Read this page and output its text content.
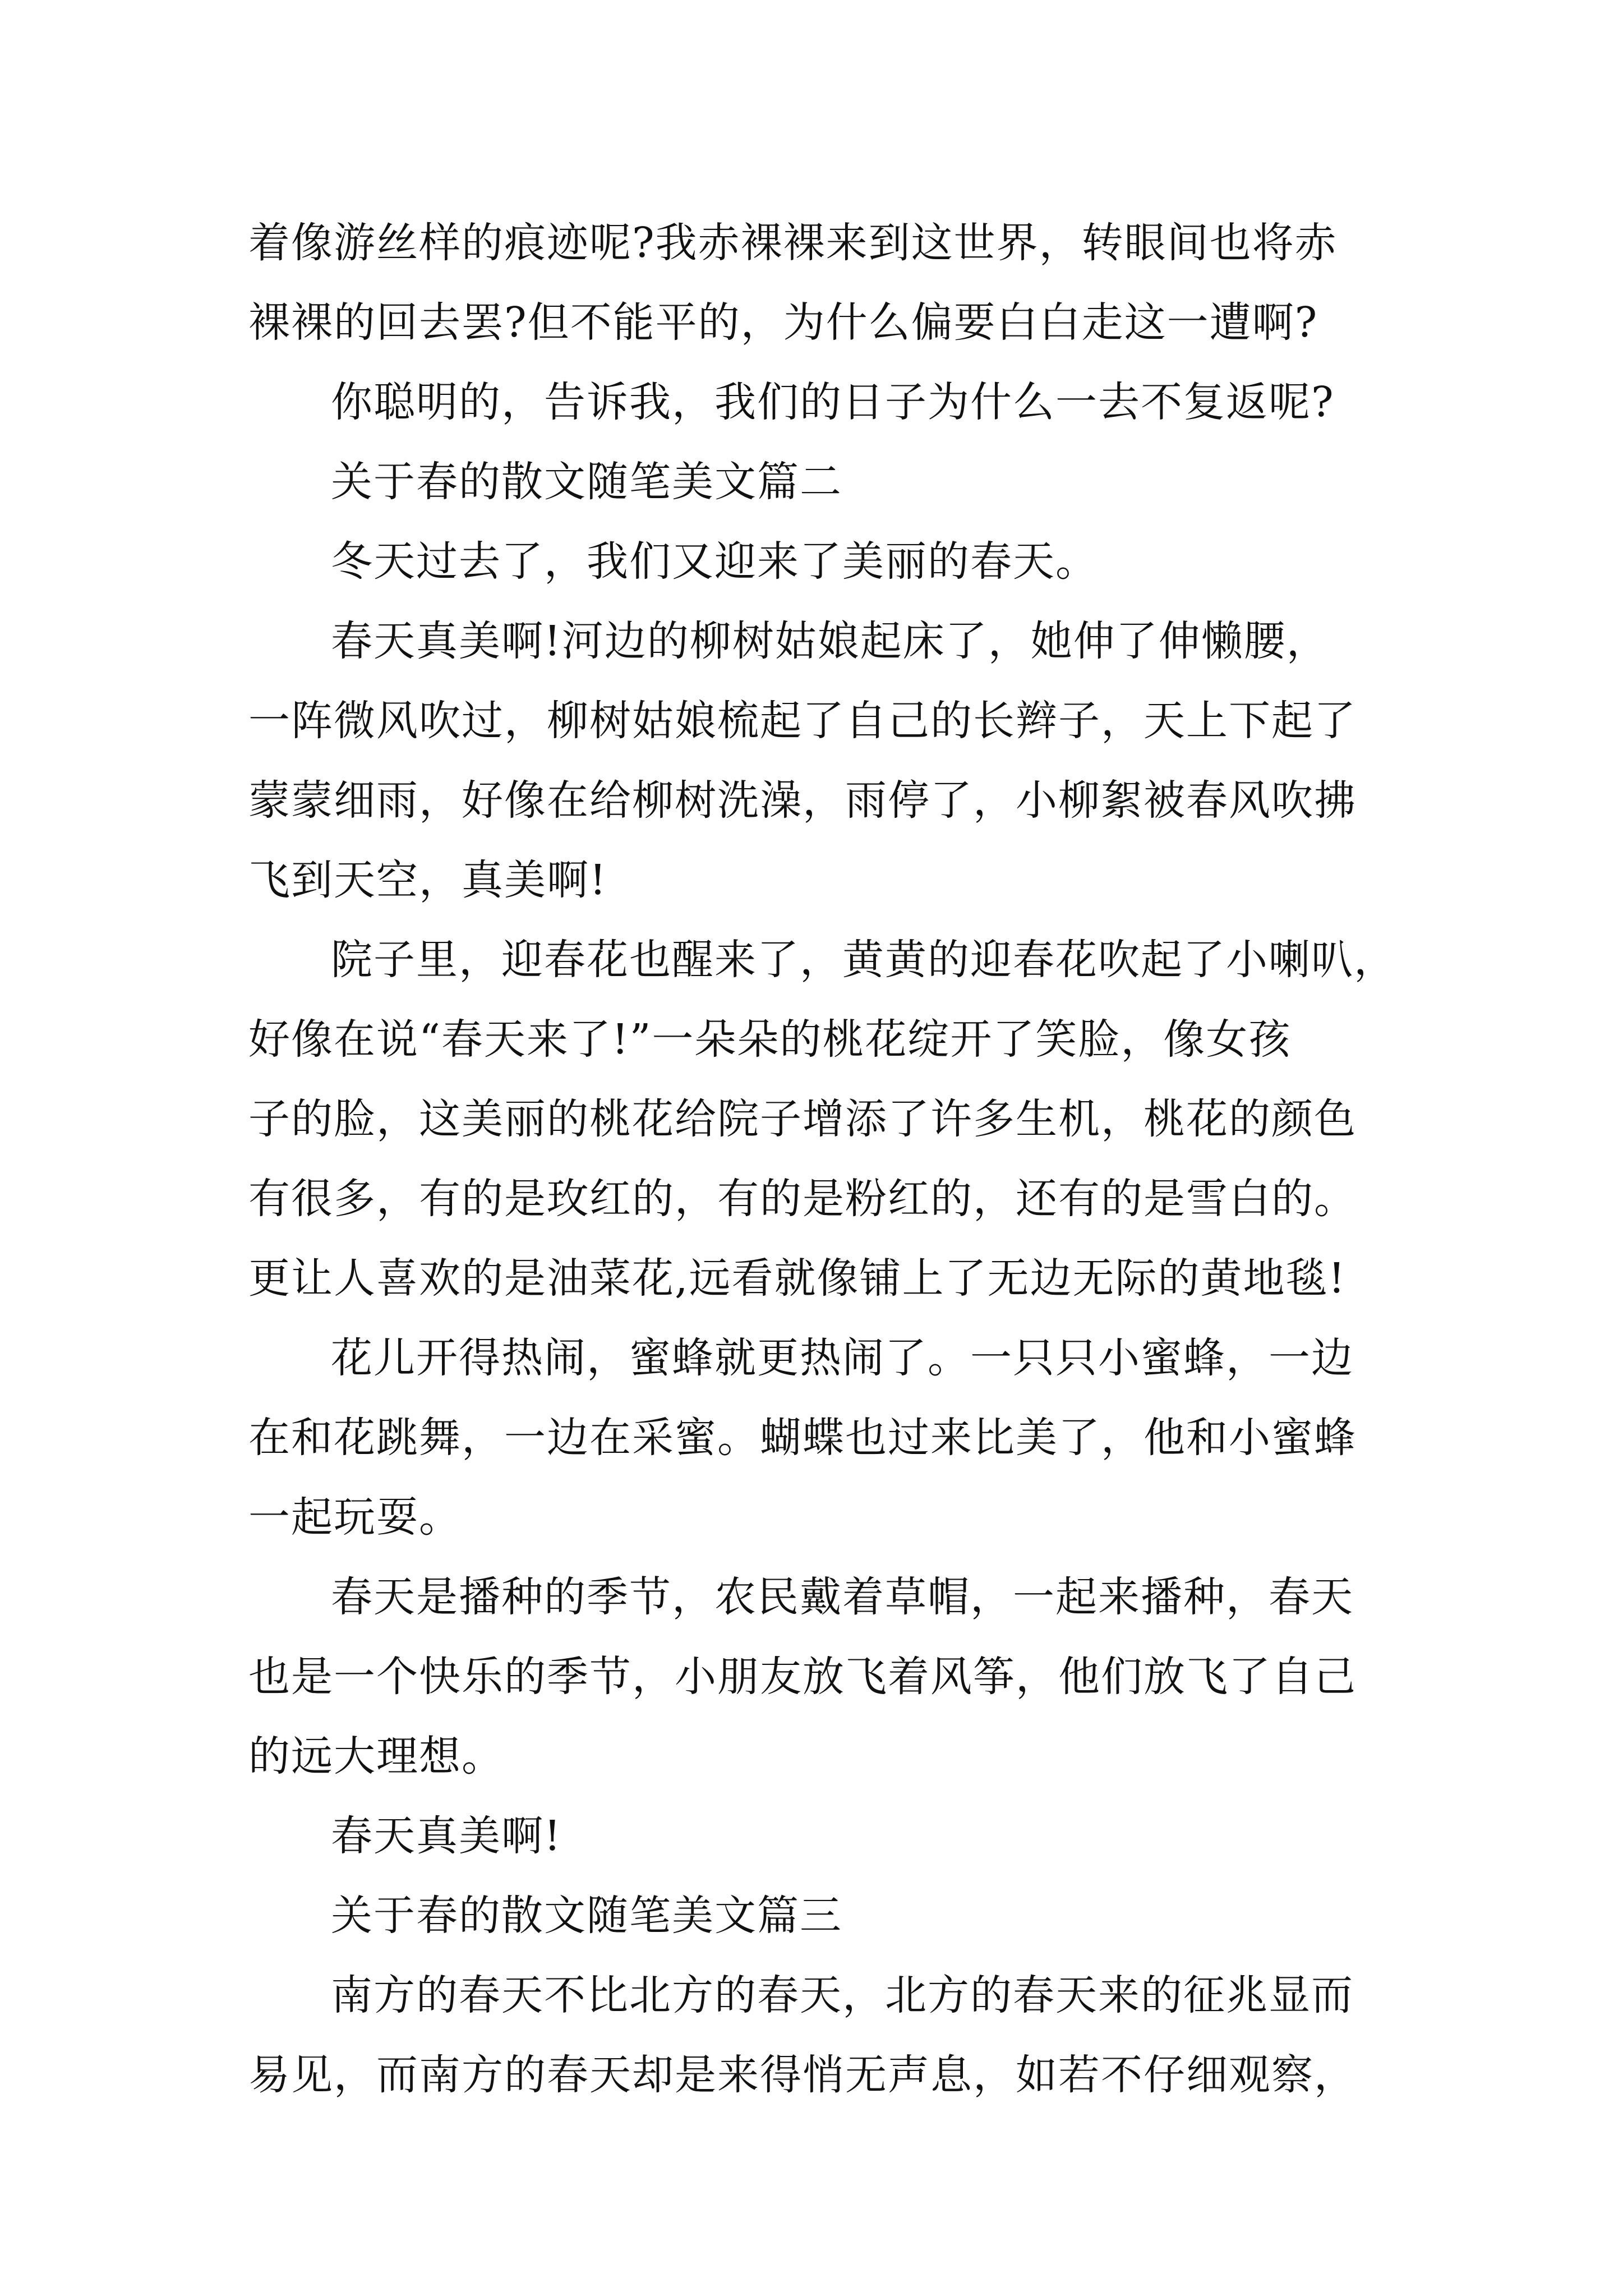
着像游丝样的痕迹呢?我赤裸裸来到这世界，转眼间也将赤
裸裸的回去罢?但不能平的，为什么偏要白白走这一遭啊?
你聪明的，告诉我，我们的日子为什么一去不复返呢?
关于春的散文随笔美文篇二
冬天过去了，我们又迎来了美丽的春天。
春天真美啊!河边的柳树姑娘起床了，她伸了伸懒腰，
一阵微风吹过，柳树姑娘梳起了自己的长辫子，天上下起了
蒙蒙细雨，好像在给柳树洗澡，雨停了，小柳絮被春风吹拂
飞到天空，真美啊!
院子里，迎春花也醒来了，黄黄的迎春花吹起了小喇叭，
好像在说“春天来了!”一朵朵的桃花绽开了笑脸，像女孩
子的脸，这美丽的桃花给院子增添了许多生机，桃花的颜色
有很多，有的是玫红的，有的是粉红的，还有的是雪白的。
更让人喜欢的是油菜花,远看就像铺上了无边无际的黄地毯!
花儿开得热闹，蜜蜂就更热闹了。一只只小蜜蜂，一边
在和花跳舞，一边在采蜜。蝴蝶也过来比美了，他和小蜜蜂
一起玩耍。
春天是播种的季节，农民戴着草帽，一起来播种，春天
也是一个快乐的季节，小朋友放飞着风筝，他们放飞了自己
的远大理想。
春天真美啊!
关于春的散文随笔美文篇三
南方的春天不比北方的春天，北方的春天来的征兆显而
易见，而南方的春天却是来得悄无声息，如若不仔细观察，
